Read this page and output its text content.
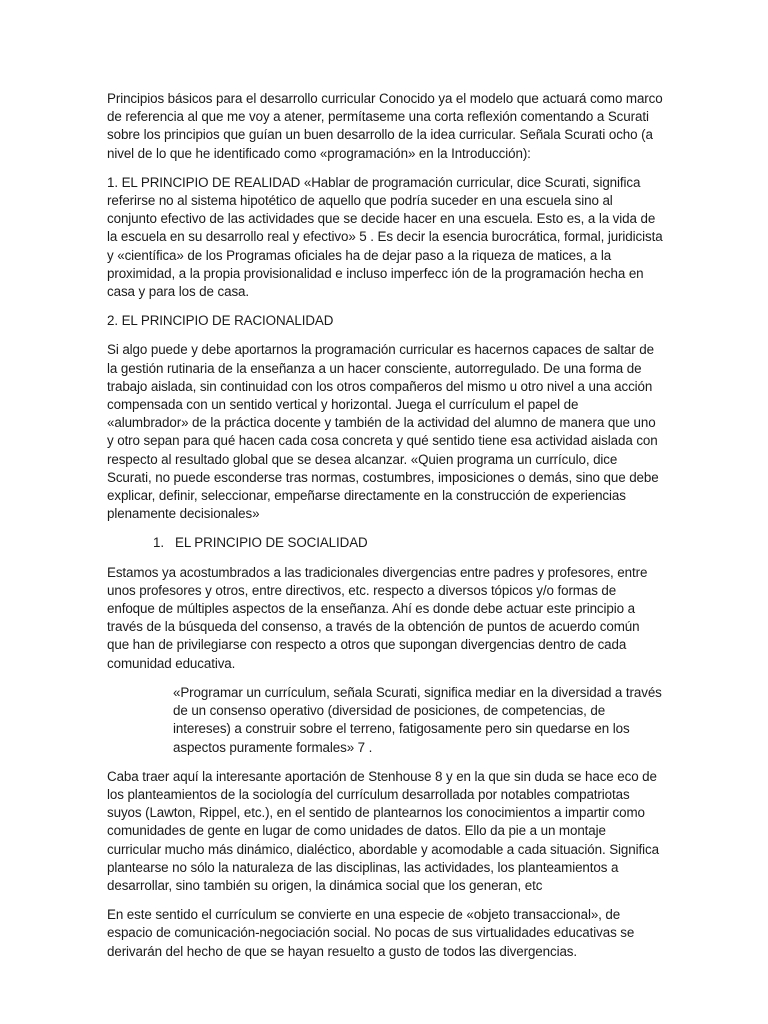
Principios básicos para el desarrollo curricular Conocido ya el modelo que actuará como marco de referencia al que me voy a atener, permítaseme una corta reflexión comentando a Scurati sobre los principios que guían un buen desarrollo de la idea curricular. Señala Scurati ocho (a nivel de lo que he identificado como «programación» en la Introducción):

1. EL PRINCIPIO DE REALIDAD «Hablar de programación curricular, dice Scurati, significa referirse no al sistema hipotético de aquello que podría suceder en una escuela sino al conjunto efectivo de las actividades que se decide hacer en una escuela. Esto es, a la vida de la escuela en su desarrollo real y efectivo» 5 . Es decir la esencia burocrática, formal, juridicista y «científica» de los Programas oficiales ha de dejar paso a la riqueza de matices, a la proximidad, a la propia provisionalidad e incluso imperfecc ión de la programación hecha en casa y para los de casa.

2. EL PRINCIPIO DE RACIONALIDAD

Si algo puede y debe aportarnos la programación curricular es hacernos capaces de saltar de la gestión rutinaria de la enseñanza a un hacer consciente, autorregulado. De una forma de trabajo aislada, sin continuidad con los otros compañeros del mismo u otro nivel a una acción compensada con un sentido vertical y horizontal. Juega el currículum el papel de «alumbrador» de la práctica docente y también de la actividad del alumno de manera que uno y otro sepan para qué hacen cada cosa concreta y qué sentido tiene esa actividad aislada con respecto al resultado global que se desea alcanzar. «Quien programa un currículo, dice Scurati, no puede esconderse tras normas, costumbres, imposiciones o demás, sino que debe explicar, definir, seleccionar, empeñarse directamente en la construcción de experiencias plenamente decisionales»

1. EL PRINCIPIO DE SOCIALIDAD

Estamos ya acostumbrados a las tradicionales divergencias entre padres y profesores, entre unos profesores y otros, entre directivos, etc. respecto a diversos tópicos y/o formas de enfoque de múltiples aspectos de la enseñanza. Ahí es donde debe actuar este principio a través de la búsqueda del consenso, a través de la obtención de puntos de acuerdo común que han de privilegiarse con respecto a otros que supongan divergencias dentro de cada comunidad educativa.

«Programar un currículum, señala Scurati, significa mediar en la diversidad a través de un consenso operativo (diversidad de posiciones, de competencias, de intereses) a construir sobre el terreno, fatigosamente pero sin quedarse en los aspectos puramente formales» 7 .

Caba traer aquí la interesante aportación de Stenhouse 8 y en la que sin duda se hace eco de los planteamientos de la sociología del currículum desarrollada por notables compatriotas suyos (Lawton, Rippel, etc.), en el sentido de plantearnos los conocimientos a impartir como comunidades de gente en lugar de como unidades de datos. Ello da pie a un montaje curricular mucho más dinámico, dialéctico, abordable y acomodable a cada situación. Significa plantearse no sólo la naturaleza de las disciplinas, las actividades, los planteamientos a desarrollar, sino también su origen, la dinámica social que los generan, etc

En este sentido el currículum se convierte en una especie de «objeto transaccional», de espacio de comunicación-negociación social. No pocas de sus virtualidades educativas se derivarán del hecho de que se hayan resuelto a gusto de todos las divergencias.
